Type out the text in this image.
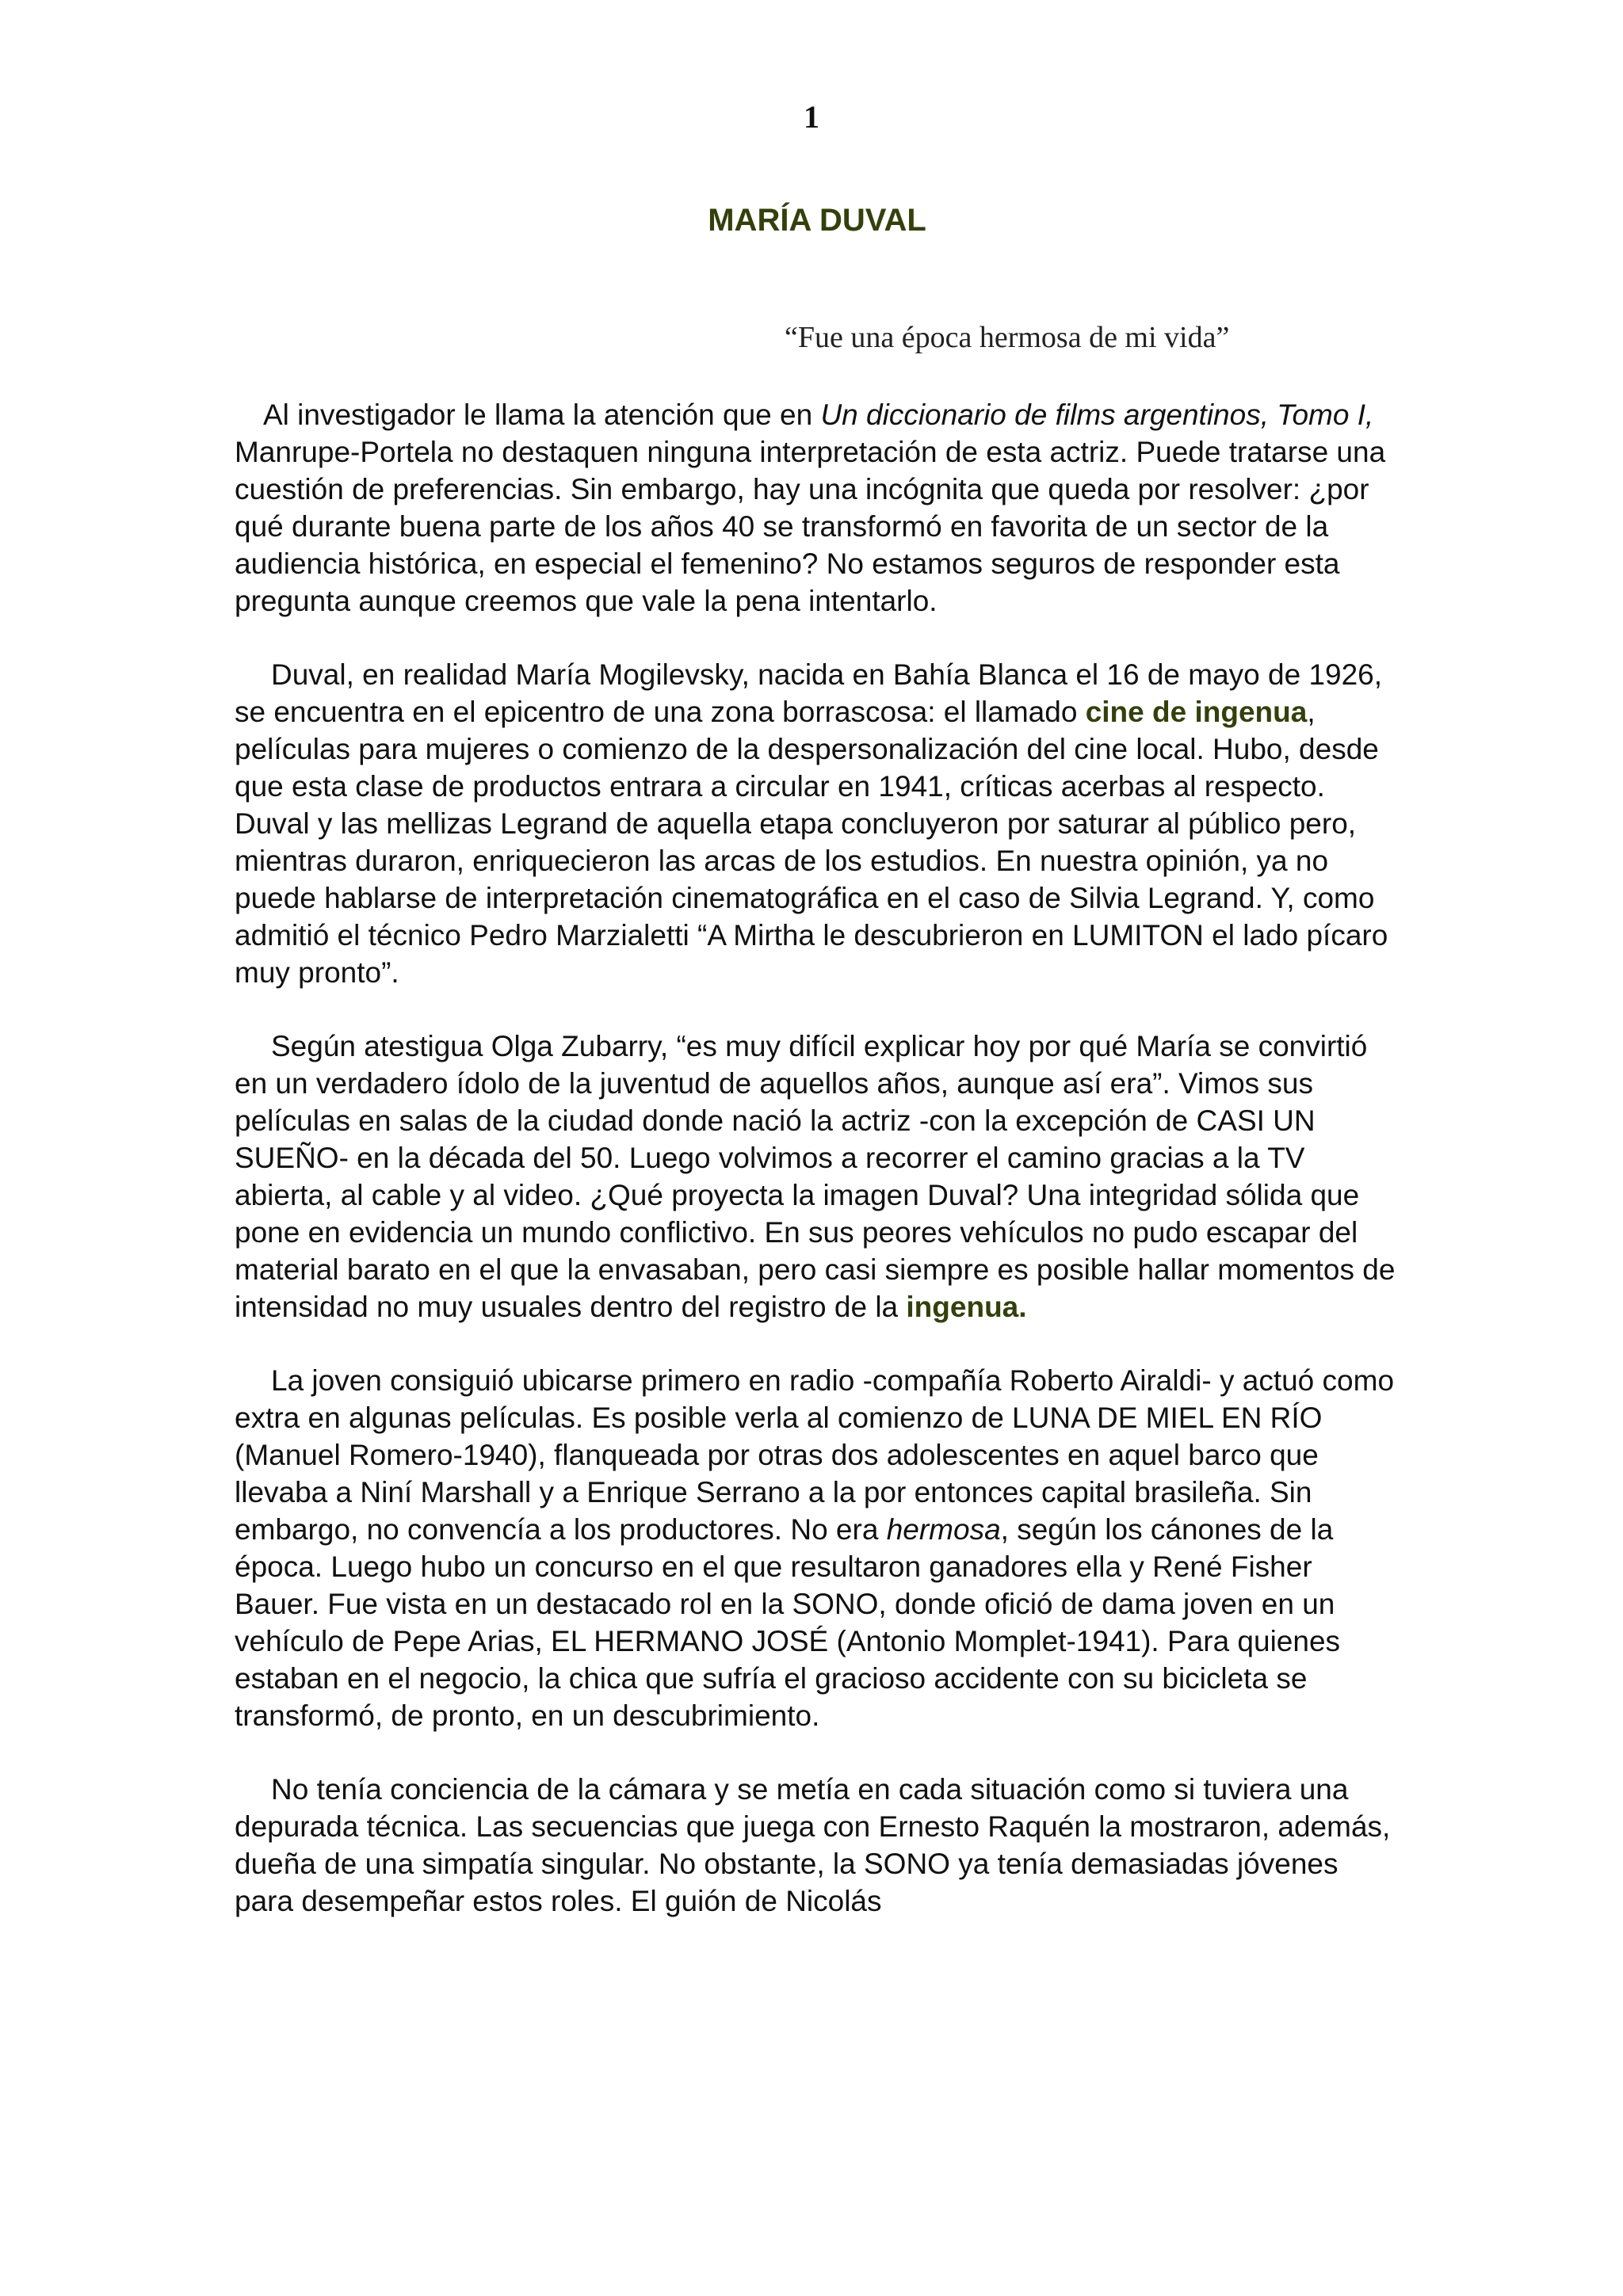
1
MARÍA DUVAL
“Fue una época hermosa de mi vida”

Al investigador le llama la atención que en Un diccionario de films argentinos, Tomo I, Manrupe-Portela no destaquen ninguna interpretación de esta actriz. Puede tratarse una cuestión de preferencias. Sin embargo, hay una incógnita que queda por resolver: ¿por qué durante buena parte de los años 40 se transformó en favorita de un sector de la audiencia histórica, en especial el femenino? No estamos seguros de responder esta pregunta aunque creemos que vale la pena intentarlo.

Duval, en realidad María Mogilevsky, nacida en Bahía Blanca el 16 de mayo de 1926, se encuentra en el epicentro de una zona borrascosa: el llamado cine de ingenua, películas para mujeres o comienzo de la despersonalización del cine local. Hubo, desde que esta clase de productos entrara a circular en 1941, críticas acerbas al respecto. Duval y las mellizas Legrand de aquella etapa concluyeron por saturar al público pero, mientras duraron, enriquecieron las arcas de los estudios. En nuestra opinión, ya no puede hablarse de interpretación cinematográfica en el caso de Silvia Legrand. Y, como admitió el técnico Pedro Marzialetti “A Mirtha le descubrieron en LUMITON el lado pícaro muy pronto”.

Según atestigua Olga Zubarry, “es muy difícil explicar hoy por qué María se convirtió en un verdadero ídolo de la juventud de aquellos años, aunque así era”. Vimos sus películas en salas de la ciudad donde nació la actriz -con la excepción de CASI UN SUEÑO- en la década del 50. Luego volvimos a recorrer el camino gracias a la TV abierta, al cable y al video. ¿Qué proyecta la imagen Duval? Una integridad sólida que pone en evidencia un mundo conflictivo. En sus peores vehículos no pudo escapar del material barato en el que la envasaban, pero casi siempre es posible hallar momentos de intensidad no muy usuales dentro del registro de la ingenua.

La joven consiguió ubicarse primero en radio -compañía Roberto Airaldi- y actuó como extra en algunas películas. Es posible verla al comienzo de LUNA DE MIEL EN RÍO (Manuel Romero-1940), flanqueada por otras dos adolescentes en aquel barco que llevaba a Niní Marshall y a Enrique Serrano a la por entonces capital brasileña. Sin embargo, no convencía a los productores. No era hermosa, según los cánones de la época. Luego hubo un concurso en el que resultaron ganadores ella y René Fisher Bauer. Fue vista en un destacado rol en la SONO, donde ofició de dama joven en un vehículo de Pepe Arias, EL HERMANO JOSÉ (Antonio Momplet-1941). Para quienes estaban en el negocio, la chica que sufría el gracioso accidente con su bicicleta se transformó, de pronto, en un descubrimiento.

No tenía conciencia de la cámara y se metía en cada situación como si tuviera una depurada técnica. Las secuencias que juega con Ernesto Raquén la mostraron, además, dueña de una simpatía singular. No obstante, la SONO ya tenía demasiadas jóvenes para desempeñar estos roles. El guión de Nicolás
